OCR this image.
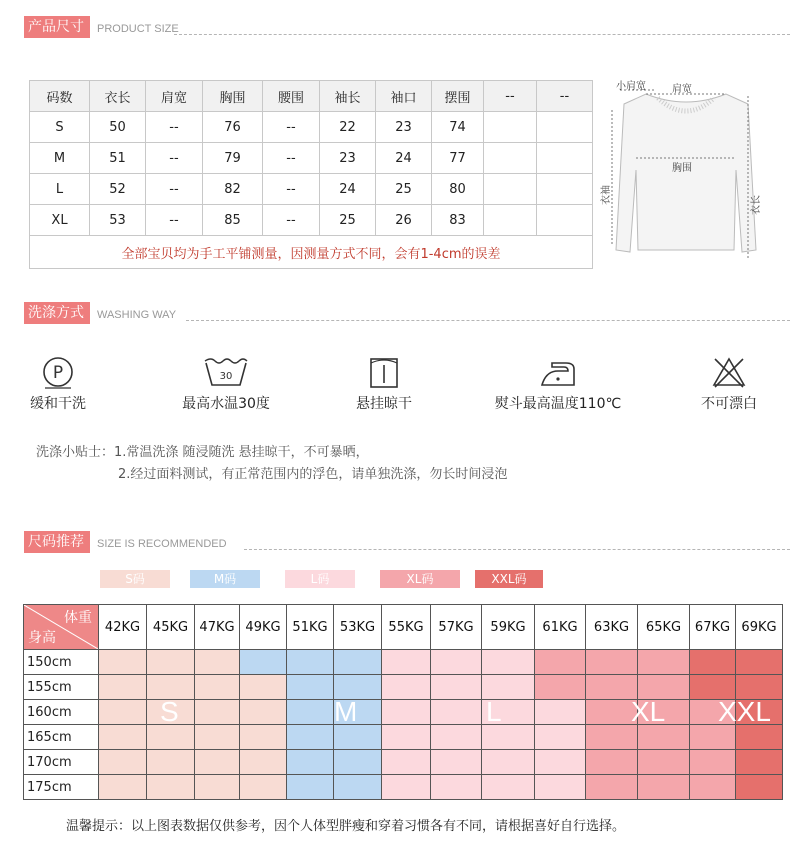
产品尺寸	PRODUCT SIZE
码数	衣长	肩宽	胸围	腰围	袖长	袖口	摆围	--	--
S	50	--	76	--	22	23	74		
M	51	--	79	--	23	24	77		
L	52	--	82	--	24	25	80		
XL	53	--	85	--	25	26	83		
全部宝贝均为手工平铺测量，因测量方式不同，会有1-4cm的误差									
小肩宽	肩宽
胸围
衣袖	衣长
洗涤方式	WASHING WAY
P
缓和干洗
30
最高水温30度	悬挂晾干	熨斗最高温度110℃	不可漂白
洗涤小贴士：1.常温洗涤 随浸随洗 悬挂晾干，不可暴晒，
2.经过面料测试，有正常范围内的浮色，请单独洗涤，勿长时间浸泡
尺码推荐	SIZE IS RECOMMENDED
S码	M码	L码	XL码	XXL码
体重
身高	42KG	45KG	47KG	49KG	51KG	53KG	55KG	57KG	59KG	61KG	63KG	65KG	67KG	69KG
150cm														
155cm														
160cm														
165cm														
170cm														
175cm														
S	M	L	XL XXL
温馨提示：以上图表数据仅供参考，因个人体型胖瘦和穿着习惯各有不同，请根据喜好自行选择。
